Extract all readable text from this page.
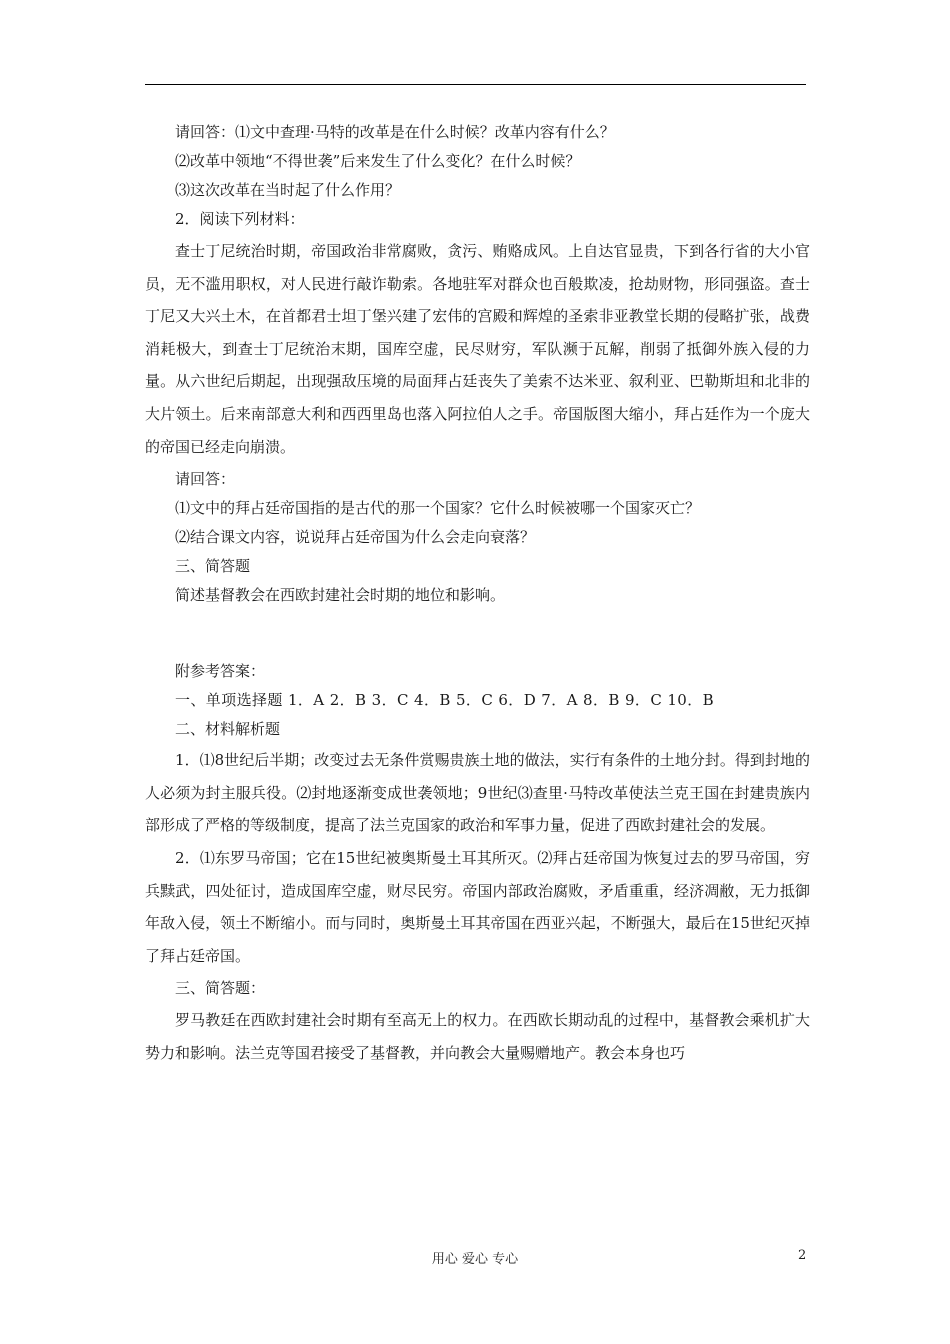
请回答：⑴文中查理·马特的改革是在什么时候？改革内容有什么？
⑵改革中领地“不得世袭”后来发生了什么变化？在什么时候？
⑶这次改革在当时起了什么作用？
2．阅读下列材料：

查士丁尼统治时期，帝国政治非常腐败，贪污、贿赂成风。上自达官显贵，下到各行省的大小官员，无不滥用职权，对人民进行敲诈勒索。各地驻军对群众也百般欺凌，抢劫财物，形同强盗。查士丁尼又大兴土木，在首都君士坦丁堡兴建了宏伟的宫殿和辉煌的圣索非亚教堂长期的侵略扩张，战费消耗极大，到查士丁尼统治末期，国库空虚，民尽财穷，军队濒于瓦解，削弱了抵御外族入侵的力量。从六世纪后期起，出现强敌压境的局面拜占廷丧失了美索不达米亚、叙利亚、巴勒斯坦和北非的大片领土。后来南部意大利和西西里岛也落入阿拉伯人之手。帝国版图大缩小，拜占廷作为一个庞大的帝国已经走向崩溃。

请回答：
⑴文中的拜占廷帝国指的是古代的那一个国家？它什么时候被哪一个国家灭亡？
⑵结合课文内容，说说拜占廷帝国为什么会走向衰落？
三、简答题
简述基督教会在西欧封建社会时期的地位和影响。
附参考答案：
一、单项选择题 1．A 2．B 3．C 4．B 5．C 6．D 7．A 8．B 9．C 10．B
二、材料解析题

1．⑴8世纪后半期；改变过去无条件赏赐贵族土地的做法，实行有条件的土地分封。得到封地的人必须为封主服兵役。⑵封地逐渐变成世袭领地；9世纪⑶查里·马特改革使法兰克王国在封建贵族内部形成了严格的等级制度，提高了法兰克国家的政治和军事力量，促进了西欧封建社会的发展。

2．⑴东罗马帝国；它在15世纪被奥斯曼土耳其所灭。⑵拜占廷帝国为恢复过去的罗马帝国，穷兵黩武，四处征讨，造成国库空虚，财尽民穷。帝国内部政治腐败，矛盾重重，经济凋敝，无力抵御年敌入侵，领土不断缩小。而与同时，奥斯曼土耳其帝国在西亚兴起，不断强大，最后在15世纪灭掉了拜占廷帝国。

三、简答题：

罗马教廷在西欧封建社会时期有至高无上的权力。在西欧长期动乱的过程中，基督教会乘机扩大势力和影响。法兰克等国君接受了基督教，并向教会大量赐赠地产。教会本身也巧

用心 爱心 专心	2
